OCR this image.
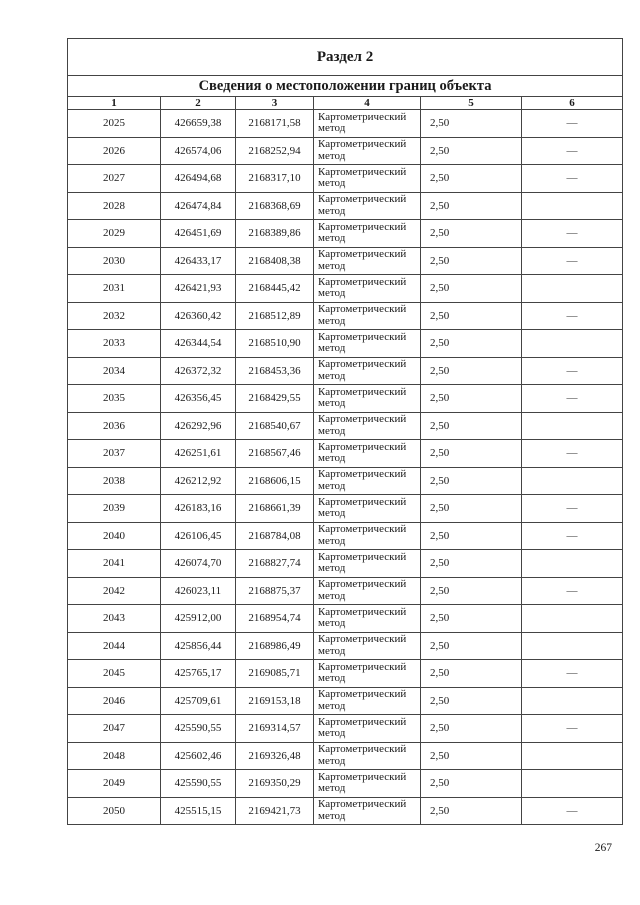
Раздел 2					
Сведения о местоположении границ объекта					
1	2	3	4	5	6
2025	426659,38	2168171,58	Картометрический
метод	2,50	—
2026	426574,06	2168252,94	Картометрический
метод	2,50	—
2027	426494,68	2168317,10	Картометрический
метод	2,50	—
2028	426474,84	2168368,69	Картометрический
метод	2,50	
2029	426451,69	2168389,86	Картометрический
метод	2,50	—
2030	426433,17	2168408,38	Картометрический
метод	2,50	—
2031	426421,93	2168445,42	Картометрический
метод	2,50	
2032	426360,42	2168512,89	Картометрический
метод	2,50	—
2033	426344,54	2168510,90	Картометрический
метод	2,50	
2034	426372,32	2168453,36	Картометрический
метод	2,50	—
2035	426356,45	2168429,55	Картометрический
метод	2,50	—
2036	426292,96	2168540,67	Картометрический
метод	2,50	
2037	426251,61	2168567,46	Картометрический
метод	2,50	—
2038	426212,92	2168606,15	Картометрический
метод	2,50	
2039	426183,16	2168661,39	Картометрический
метод	2,50	—
2040	426106,45	2168784,08	Картометрический
метод	2,50	—
2041	426074,70	2168827,74	Картометрический
метод	2,50	
2042	426023,11	2168875,37	Картометрический
метод	2,50	—
2043	425912,00	2168954,74	Картометрический
метод	2,50	
2044	425856,44	2168986,49	Картометрический
метод	2,50	
2045	425765,17	2169085,71	Картометрический
метод	2,50	—
2046	425709,61	2169153,18	Картометрический
метод	2,50	
2047	425590,55	2169314,57	Картометрический
метод	2,50	—
2048	425602,46	2169326,48	Картометрический
метод	2,50	
2049	425590,55	2169350,29	Картометрический
метод	2,50	
2050	425515,15	2169421,73	Картометрический
метод	2,50	—
267
